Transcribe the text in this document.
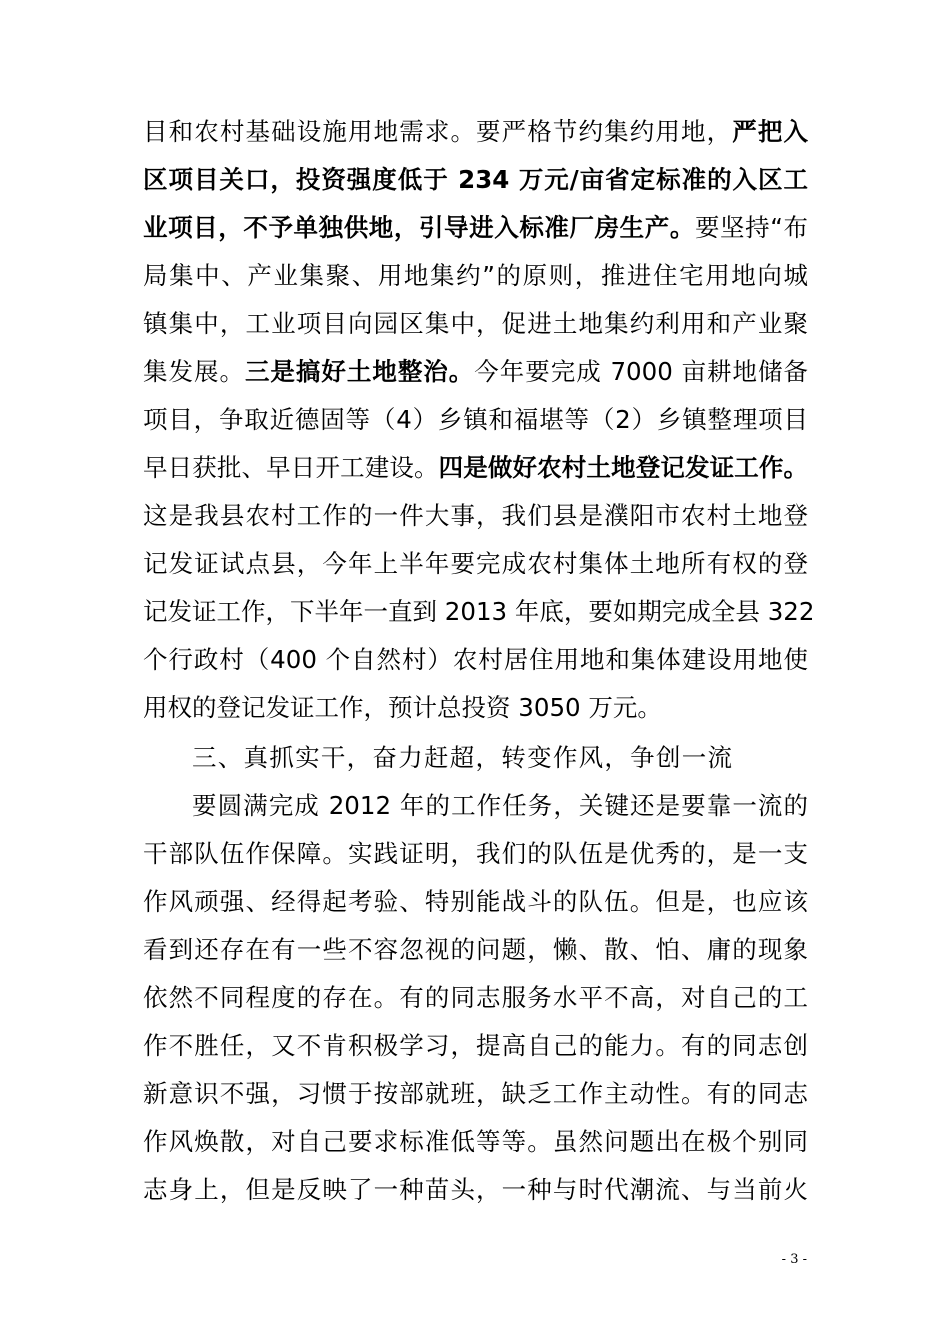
目和农村基础设施用地需求。要严格节约集约用地，严把入
区项目关口，投资强度低于 234 万元/亩省定标准的入区工
业项目，不予单独供地，引导进入标准厂房生产。要坚持“布
局集中、产业集聚、用地集约”的原则，推进住宅用地向城
镇集中，工业项目向园区集中，促进土地集约利用和产业聚
集发展。三是搞好土地整治。今年要完成 7000 亩耕地储备
项目，争取近德固等（4）乡镇和福堪等（2）乡镇整理项目
早日获批、早日开工建设。四是做好农村土地登记发证工作。
这是我县农村工作的一件大事，我们县是濮阳市农村土地登
记发证试点县，今年上半年要完成农村集体土地所有权的登
记发证工作，下半年一直到 2013 年底，要如期完成全县 322
个行政村（400 个自然村）农村居住用地和集体建设用地使
用权的登记发证工作，预计总投资 3050 万元。
三、真抓实干，奋力赶超，转变作风，争创一流
要圆满完成 2012 年的工作任务，关键还是要靠一流的
干部队伍作保障。实践证明，我们的队伍是优秀的，是一支
作风顽强、经得起考验、特别能战斗的队伍。但是，也应该
看到还存在有一些不容忽视的问题，懒、散、怕、庸的现象
依然不同程度的存在。有的同志服务水平不高，对自己的工
作不胜任，又不肯积极学习，提高自己的能力。有的同志创
新意识不强，习惯于按部就班，缺乏工作主动性。有的同志
作风焕散，对自己要求标准低等等。虽然问题出在极个别同
志身上，但是反映了一种苗头，一种与时代潮流、与当前火
- 3 -
